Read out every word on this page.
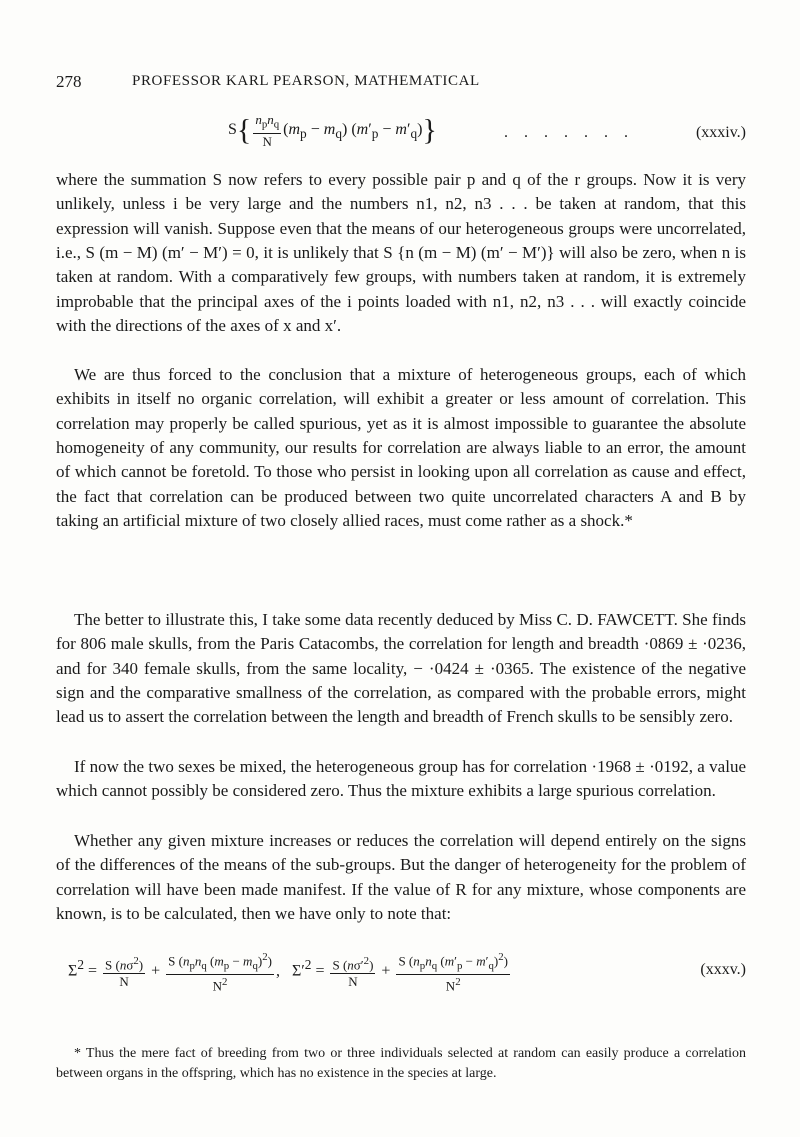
278	PROFESSOR KARL PEARSON, MATHEMATICAL
$S\{ \frac{n_pn_q}{N} (m_p - m_q) (m'_p - m'_q)\}$	. . . . . . .	(xxxiv.)

where the summation S now refers to every possible pair p and q of the r groups. Now it is very unlikely, unless i be very large and the numbers n1, n2, n3 . . . be taken at random, that this expression will vanish. Suppose even that the means of our heterogeneous groups were uncorrelated, i.e., S (m − M) (m′ − M′) = 0, it is unlikely that S {n (m − M) (m′ − M′)} will also be zero, when n is taken at random. With a comparatively few groups, with numbers taken at random, it is extremely improbable that the principal axes of the i points loaded with n1, n2, n3 . . . will exactly coincide with the directions of the axes of x and x′.

We are thus forced to the conclusion that a mixture of heterogeneous groups, each of which exhibits in itself no organic correlation, will exhibit a greater or less amount of correlation. This correlation may properly be called spurious, yet as it is almost impossible to guarantee the absolute homogeneity of any community, our results for correlation are always liable to an error, the amount of which cannot be foretold. To those who persist in looking upon all correlation as cause and effect, the fact that correlation can be produced between two quite uncorrelated characters A and B by taking an artificial mixture of two closely allied races, must come rather as a shock.*

The better to illustrate this, I take some data recently deduced by Miss C. D. FAWCETT. She finds for 806 male skulls, from the Paris Catacombs, the correlation for length and breadth ·0869 ± ·0236, and for 340 female skulls, from the same locality, − ·0424 ± ·0365. The existence of the negative sign and the comparative smallness of the correlation, as compared with the probable errors, might lead us to assert the correlation between the length and breadth of French skulls to be sensibly zero.

If now the two sexes be mixed, the heterogeneous group has for correlation ·1968 ± ·0192, a value which cannot possibly be considered zero. Thus the mixture exhibits a large spurious correlation.

Whether any given mixture increases or reduces the correlation will depend entirely on the signs of the differences of the means of the sub-groups. But the danger of heterogeneity for the problem of correlation will have been made manifest. If the value of R for any mixture, whose components are known, is to be calculated, then we have only to note that:

$\Sigma^2 = \frac{S (n\sigma^2)}{N} + \frac{S (n_pn_q (m_p - m_q)^2)}{N^2}$ ,   $\Sigma'^2 = \frac{S (n\sigma'^2)}{N} + \frac{S (n_pn_q (m'_p - m'_q)^2)}{N^2}$	(xxxv.)

* Thus the mere fact of breeding from two or three individuals selected at random can easily produce a correlation between organs in the offspring, which has no existence in the species at large.
